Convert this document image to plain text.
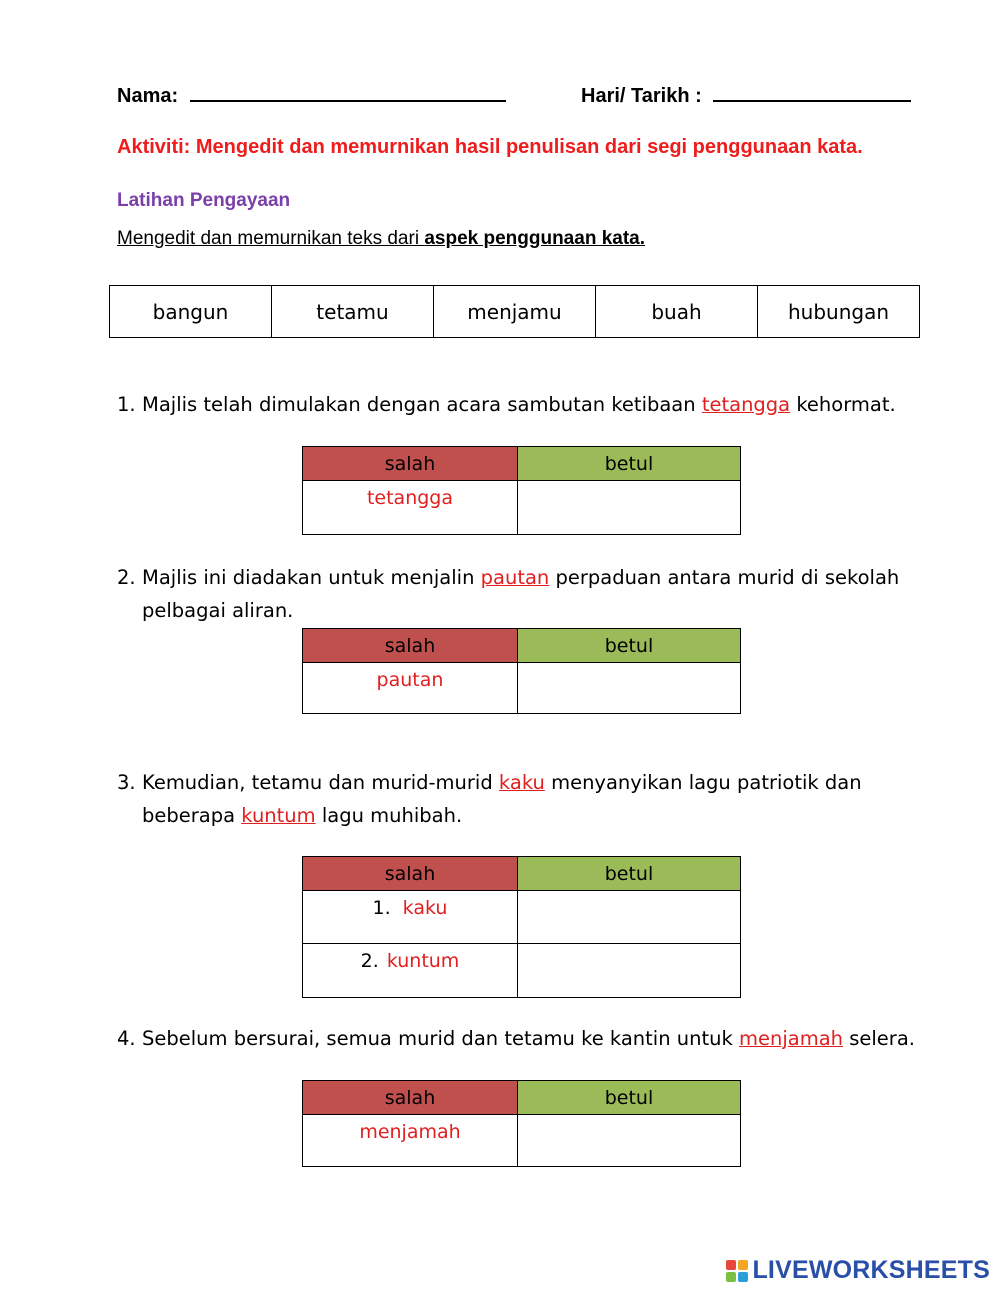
Nama:	Hari/ Tarikh :
Aktiviti: Mengedit dan memurnikan hasil penulisan dari segi penggunaan kata.
Latihan Pengayaan
Mengedit dan memurnikan teks dari aspek penggunaan kata.
bangun	tetamu	menjamu	buah	hubungan
1. Majlis telah dimulakan dengan acara sambutan ketibaan tetangga kehormat.
salah	betul
tetangga	
2. Majlis ini diadakan untuk menjalin pautan perpaduan antara murid di sekolah
pelbagai aliran.
salah	betul
pautan	
3. Kemudian, tetamu dan murid-murid kaku menyanyikan lagu patriotik dan
beberapa kuntum lagu muhibah.
salah	betul
1. kaku	
2. kuntum	
4. Sebelum bersurai, semua murid dan tetamu ke kantin untuk menjamah selera.
salah	betul
menjamah	
LIVEWORKSHEETS
